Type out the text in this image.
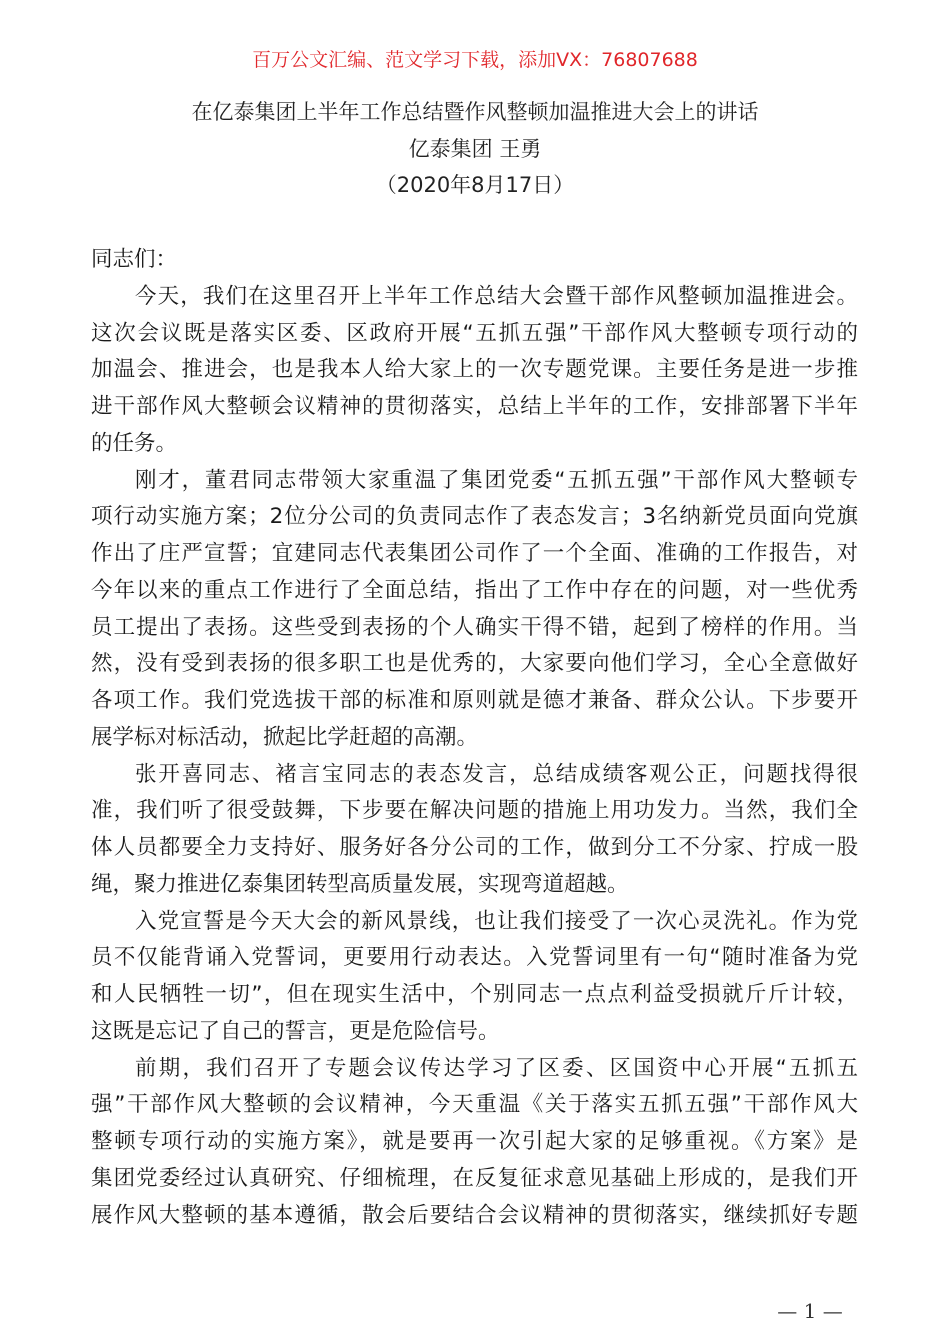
百万公文汇编、范文学习下载，添加VX：76807688
在亿泰集团上半年工作总结暨作风整顿加温推进大会上的讲话
亿泰集团 王勇
（2020年8月17日）
同志们：
今天，我们在这里召开上半年工作总结大会暨干部作风整顿加温推进会。
这次会议既是落实区委、区政府开展“五抓五强”干部作风大整顿专项行动的
加温会、推进会，也是我本人给大家上的一次专题党课。主要任务是进一步推
进干部作风大整顿会议精神的贯彻落实，总结上半年的工作，安排部署下半年
的任务。
刚才，董君同志带领大家重温了集团党委“五抓五强”干部作风大整顿专
项行动实施方案；2位分公司的负责同志作了表态发言；3名纳新党员面向党旗
作出了庄严宣誓；宜建同志代表集团公司作了一个全面、准确的工作报告，对
今年以来的重点工作进行了全面总结，指出了工作中存在的问题，对一些优秀
员工提出了表扬。这些受到表扬的个人确实干得不错，起到了榜样的作用。当
然，没有受到表扬的很多职工也是优秀的，大家要向他们学习，全心全意做好
各项工作。我们党选拔干部的标准和原则就是德才兼备、群众公认。下步要开
展学标对标活动，掀起比学赶超的高潮。
张开喜同志、褚言宝同志的表态发言，总结成绩客观公正，问题找得很
准，我们听了很受鼓舞，下步要在解决问题的措施上用功发力。当然，我们全
体人员都要全力支持好、服务好各分公司的工作，做到分工不分家、拧成一股
绳，聚力推进亿泰集团转型高质量发展，实现弯道超越。
入党宣誓是今天大会的新风景线，也让我们接受了一次心灵洗礼。作为党
员不仅能背诵入党誓词，更要用行动表达。入党誓词里有一句“随时准备为党
和人民牺牲一切”，但在现实生活中，个别同志一点点利益受损就斤斤计较，
这既是忘记了自己的誓言，更是危险信号。
前期，我们召开了专题会议传达学习了区委、区国资中心开展“五抓五
强”干部作风大整顿的会议精神，今天重温《关于落实五抓五强”干部作风大
整顿专项行动的实施方案》，就是要再一次引起大家的足够重视。《方案》是
集团党委经过认真研究、仔细梳理，在反复征求意见基础上形成的，是我们开
展作风大整顿的基本遵循，散会后要结合会议精神的贯彻落实，继续抓好专题
— 1 —
